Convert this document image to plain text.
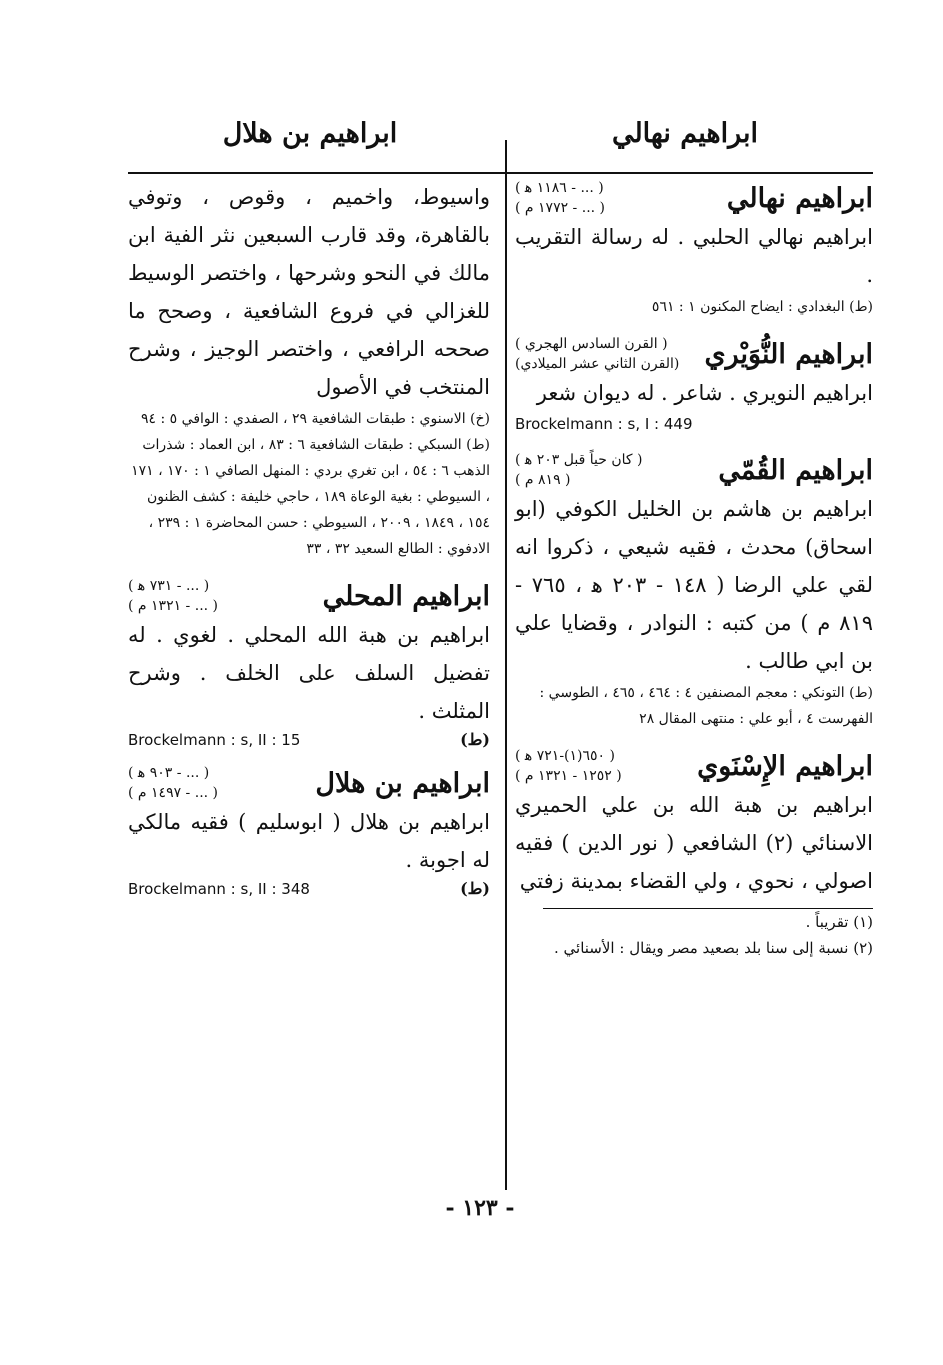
ابراهيم بن هلال	ابراهيم نهالي
ابراهيم نهالي
( ... - ١١٨٦ ﻫ )
( ... - ١٧٧٢ م )
ابراهيم نهالي الحلبي . له رسالة التقريب .
(ط) البغدادي : ايضاح المكنون ١ : ٥٦١
ابراهيم النُّوَيْري
( القرن السادس الهجري )
(القرن الثاني عشر الميلادي)
ابراهيم النويري . شاعر . له ديوان شعر
Brockelmann : s, I : 449
ابراهيم القُمّي
( كان حياً قبل ٢٠٣ ﻫ )
( ٨١٩ م )
ابراهيم بن هاشم بن الخليل الكوفي (ابو اسحاق) محدث ، فقيه شيعي ، ذكروا انه لقي علي الرضا ( ١٤٨ - ٢٠٣ ﻫ ، ٧٦٥ - ٨١٩ م ) من كتبه : النوادر ، وقضايا علي بن ابي طالب .
(ط) التونكي : معجم المصنفين ٤ : ٤٦٤ ، ٤٦٥ ، الطوسي : الفهرست ٤ ، أبو علي : منتهى المقال ٢٨
ابراهيم الإِسْنَوي
( ٦٥٠(١)-٧٢١ ﻫ )
( ١٢٥٢ - ١٣٢١ م )
ابراهيم بن هبة الله بن علي الحميري الاسنائي (٢) الشافعي ( نور الدين ) فقيه اصولي ، نحوي ، ولي القضاء بمدينة زفتي
(١) تقريباً .
(٢) نسبة إلى سنا بلد بصعيد مصر ويقال : الأسنائي .
واسيوط، واخميم ، وقوص ، وتوفي بالقاهرة، وقد قارب السبعين نثر الفية ابن مالك في النحو وشرحها ، واختصر الوسيط للغزالي في فروع الشافعية ، وصحح ما صححه الرافعي ، واختصر الوجيز ، وشرح المنتخب في الأصول
(خ) الاسنوي : طبقات الشافعية ٢٩ ، الصفدي : الوافي ٥ : ٩٤
(ط) السبكي : طبقات الشافعية ٦ : ٨٣ ، ابن العماد : شذرات الذهب ٦ : ٥٤ ، ابن تغري بردي : المنهل الصافي ١ : ١٧٠ ، ١٧١ ، السيوطي : بغية الوعاة ١٨٩ ، حاجي خليفة : كشف الظنون ١٥٤ ، ١٨٤٩ ، ٢٠٠٩ ، السيوطي : حسن المحاضرة ١ : ٢٣٩ ، الادفوي : الطالع السعيد ٣٢ ، ٣٣
ابراهيم المحلي
( ... - ٧٣١ ﻫ )
( ... - ١٣٢١ م )
ابراهيم بن هبة الله المحلي . لغوي . له تفضيل السلف على الخلف . وشرح المثلث .
Brockelmann : s, II : 15	(ط)
ابراهيم بن هلال
( ... - ٩٠٣ ﻫ )
( ... - ١٤٩٧ م )
ابراهيم بن هلال ( ابوسليم ) فقيه مالكي له اجوبة .
Brockelmann : s, II : 348	(ط)
- ١٢٣ -
